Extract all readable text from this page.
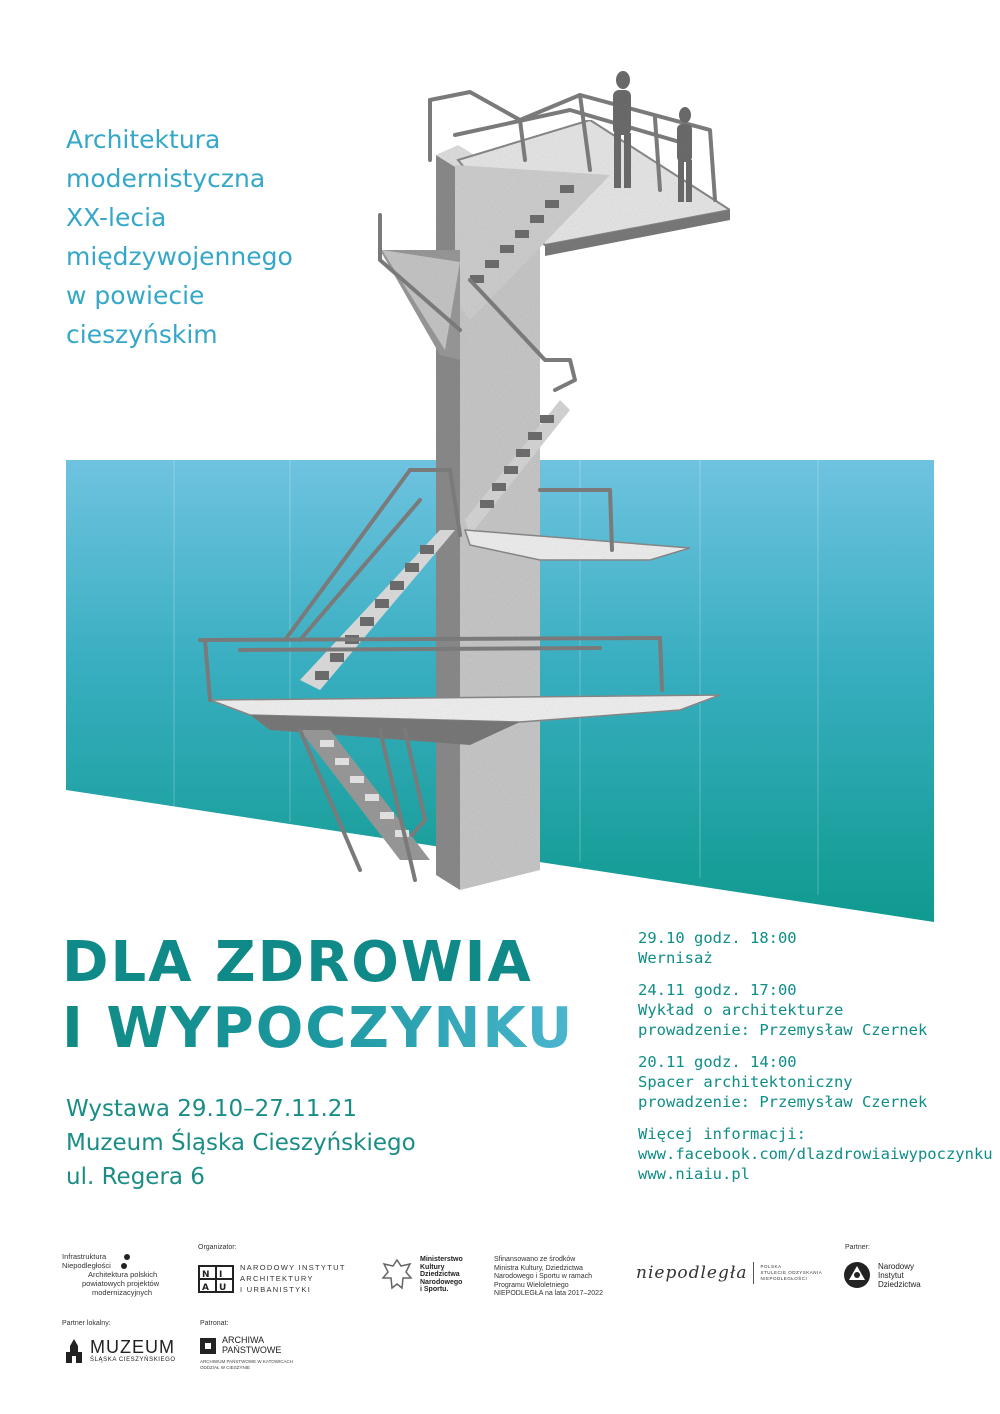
Architektura
modernistyczna
XX-lecia
międzywojennego
w powiecie
cieszyńskim
DLA ZDROWIA
I WYPOCZYNKU
Wystawa 29.10–27.11.21
Muzeum Śląska Cieszyńskiego
ul. Regera 6
29.10 godz. 18:00
Wernisaż
24.11 godz. 17:00
Wykład o architekturze
prowadzenie: Przemysław Czernek
20.11 godz. 14:00
Spacer architektoniczny
prowadzenie: Przemysław Czernek
Więcej informacji:
www.facebook.com/dlazdrowiaiwypoczynku
www.niaiu.pl
Infrastruktura
Niepodległości
Architektura polskich
powiatowych projektów
modernizacyjnych
Organizator:
N I
A U
NARODOWY INSTYTUT
ARCHITEKTURY
I URBANISTYKI
Ministerstwo
Kultury
Dziedzictwa
Narodowego
i Sportu.
Sfinansowano ze środków
Ministra Kultury, Dziedzictwa
Narodowego i Sportu w ramach
Programu Wieloletniego
NIEPODLEGŁA na lata 2017–2022
niepodległa	POLSKA
STULECIE ODZYSKANIA
NIEPODLEGŁOŚCI
Partner:
Narodowy
Instytut
Dziedzictwa
Partner lokalny:
MUZEUM
ŚLĄSKA CIESZYŃSKIEGO
Patronat:
ARCHIWA
PAŃSTWOWE
ARCHIWUM PAŃSTWOWE W KATOWICACH
ODDZIAŁ W CIESZYNIE
